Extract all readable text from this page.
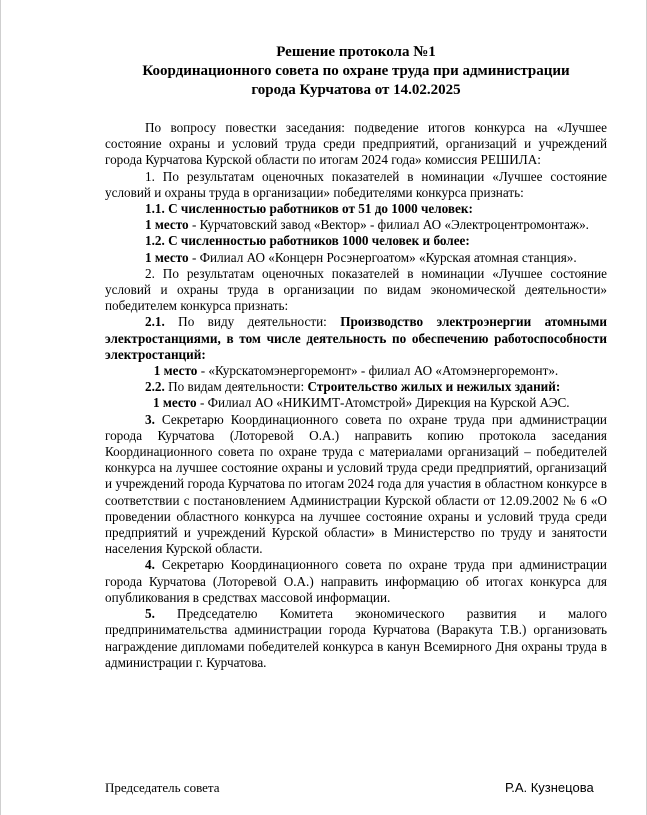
Решение протокола №1
Координационного совета по охране труда при администрации
города Курчатова от 14.02.2025

По вопросу повестки заседания: подведение итогов конкурса на «Лучшее состояние охраны и условий труда среди предприятий, организаций и учреждений города Курчатова Курской области по итогам 2024 года» комиссия РЕШИЛА:

1. По результатам оценочных показателей в номинации «Лучшее состояние условий и охраны труда в организации» победителями конкурса признать:

1.1. С численностью работников от 51 до 1000 человек:

1 место - Курчатовский завод «Вектор» - филиал АО «Электроцентромонтаж».

1.2. С численностью работников 1000 человек и более:

1 место - Филиал АО «Концерн Росэнергоатом» «Курская атомная станция».

2. По результатам оценочных показателей в номинации «Лучшее состояние условий и охраны труда в организации по видам экономической деятельности» победителем конкурса признать:

2.1. По виду деятельности: Производство электроэнергии атомными электростанциями, в том числе деятельность по обеспечению работоспособности электростанций:

1 место - «Курскатомэнергоремонт» - филиал АО «Атомэнергоремонт».

2.2. По видам деятельности: Строительство жилых и нежилых зданий:

1 место - Филиал АО «НИКИМТ-Атомстрой» Дирекция на Курской АЭС.

3. Секретарю Координационного совета по охране труда при администрации города Курчатова (Лоторевой О.А.) направить копию протокола заседания Координационного совета по охране труда с материалами организаций – победителей конкурса на лучшее состояние охраны и условий труда среди предприятий, организаций и учреждений города Курчатова по итогам 2024 года для участия в областном конкурсе в соответствии с постановлением Администрации Курской области от 12.09.2002 № 6 «О проведении областного конкурса на лучшее состояние охраны и условий труда среди предприятий и учреждений Курской области» в Министерство по труду и занятости населения Курской области.

4. Секретарю Координационного совета по охране труда при администрации города Курчатова (Лоторевой О.А.) направить информацию об итогах конкурса для опубликования в средствах массовой информации.

5. Председателю Комитета экономического развития и малого предпринимательства администрации города Курчатова (Варакута Т.В.) организовать награждение дипломами победителей конкурса в канун Всемирного Дня охраны труда в администрации г. Курчатова.

Председатель совета	Р.А. Кузнецова
